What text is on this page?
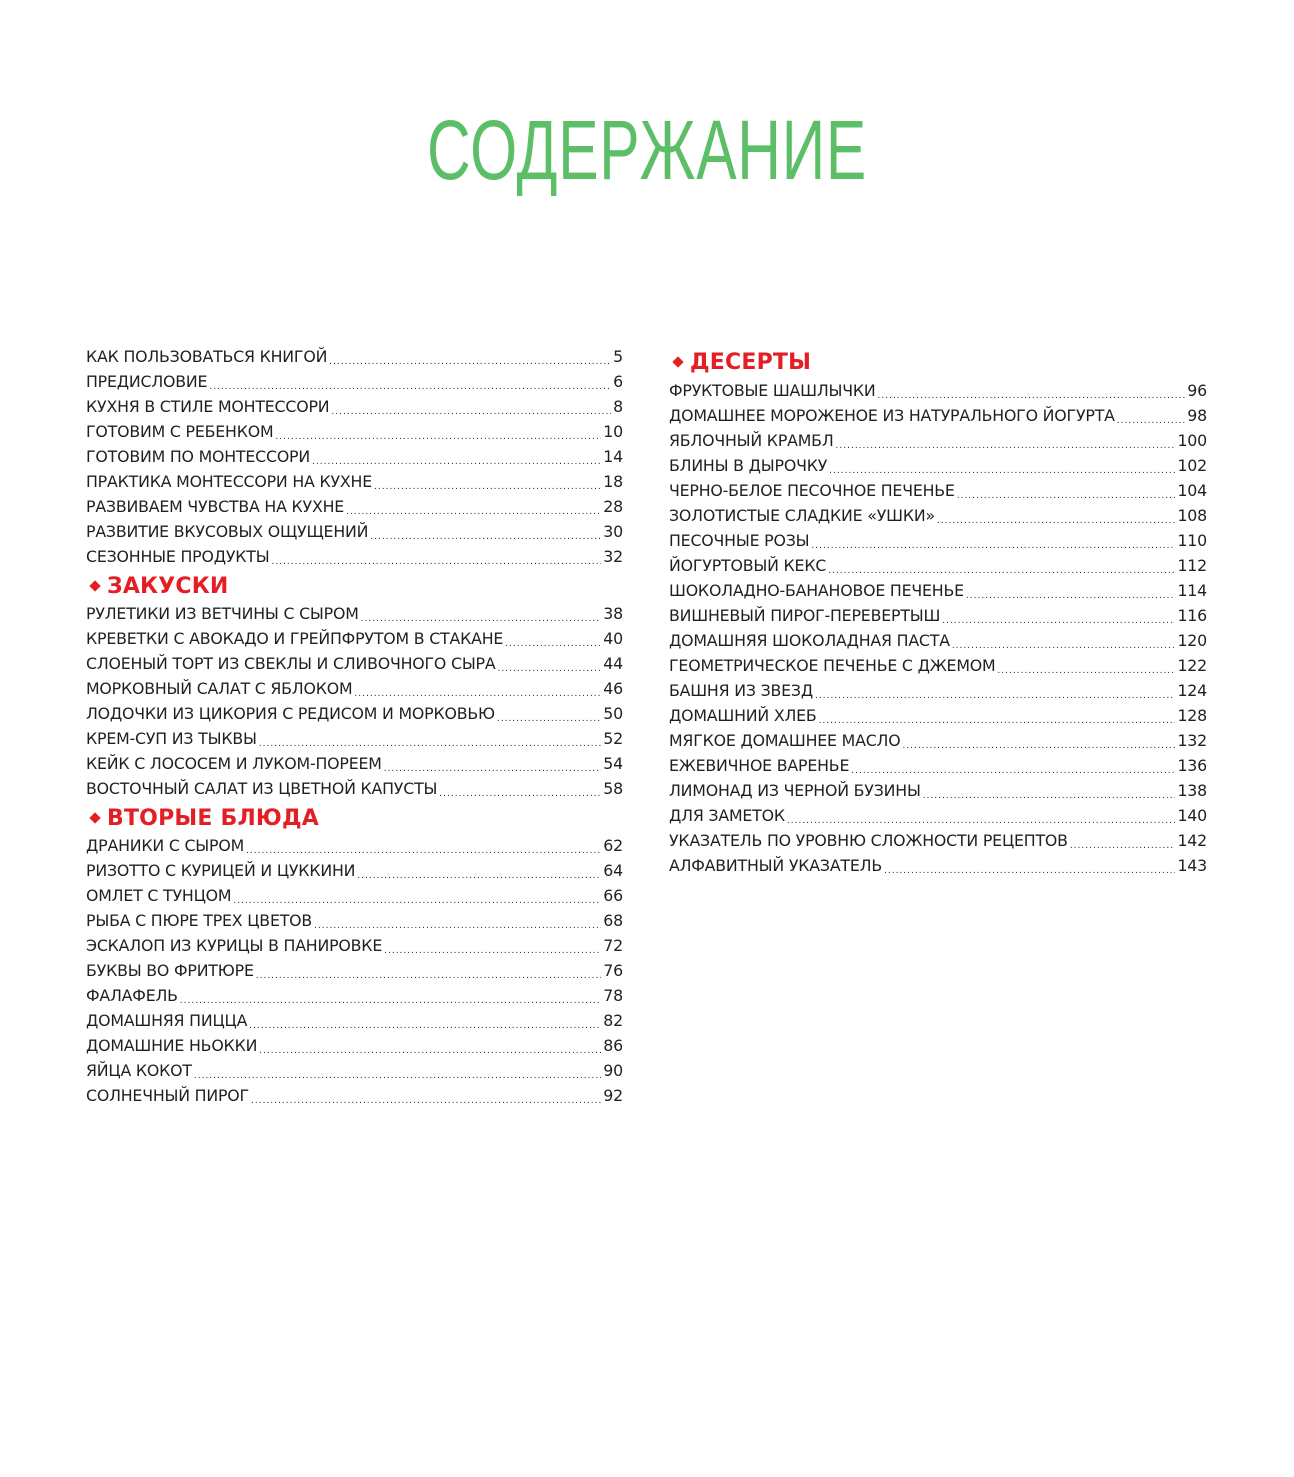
СОДЕРЖАНИЕ
КАК ПОЛЬЗОВАТЬСЯ КНИГОЙ .....	5
ПРЕДИСЛОВИЕ .....	6
КУХНЯ В СТИЛЕ МОНТЕССОРИ .....	8
ГОТОВИМ С РЕБЕНКОМ .....	10
ГОТОВИМ ПО МОНТЕССОРИ .....	14
ПРАКТИКА МОНТЕССОРИ НА КУХНЕ .....	18
РАЗВИВАЕМ ЧУВСТВА НА КУХНЕ .....	28
РАЗВИТИЕ ВКУСОВЫХ ОЩУЩЕНИЙ .....	30
СЕЗОННЫЕ ПРОДУКТЫ .....	32
ЗАКУСКИ
РУЛЕТИКИ ИЗ ВЕТЧИНЫ С СЫРОМ .....	38
КРЕВЕТКИ С АВОКАДО И ГРЕЙПФРУТОМ В СТАКАНЕ .....	40
СЛОЕНЫЙ ТОРТ ИЗ СВЕКЛЫ И СЛИВОЧНОГО СЫРА .....	44
МОРКОВНЫЙ САЛАТ С ЯБЛОКОМ .....	46
ЛОДОЧКИ ИЗ ЦИКОРИЯ С РЕДИСОМ И МОРКОВЬЮ .....	50
КРЕМ-СУП ИЗ ТЫКВЫ .....	52
КЕЙК С ЛОСОСЕМ И ЛУКОМ-ПОРЕЕМ .....	54
ВОСТОЧНЫЙ САЛАТ ИЗ ЦВЕТНОЙ КАПУСТЫ .....	58
ВТОРЫЕ БЛЮДА
ДРАНИКИ С СЫРОМ .....	62
РИЗОТТО С КУРИЦЕЙ И ЦУККИНИ .....	64
ОМЛЕТ С ТУНЦОМ .....	66
РЫБА С ПЮРЕ ТРЕХ ЦВЕТОВ .....	68
ЭСКАЛОП ИЗ КУРИЦЫ В ПАНИРОВКЕ .....	72
БУКВЫ ВО ФРИТЮРЕ .....	76
ФАЛАФЕЛЬ .....	78
ДОМАШНЯЯ ПИЦЦА .....	82
ДОМАШНИЕ НЬОККИ .....	86
ЯЙЦА КОКОТ .....	90
СОЛНЕЧНЫЙ ПИРОГ .....	92
ДЕСЕРТЫ
ФРУКТОВЫЕ ШАШЛЫЧКИ .....	96
ДОМАШНЕЕ МОРОЖЕНОЕ ИЗ НАТУРАЛЬНОГО ЙОГУРТА .....	98
ЯБЛОЧНЫЙ КРАМБЛ .....	100
БЛИНЫ В ДЫРОЧКУ .....	102
ЧЕРНО-БЕЛОЕ ПЕСОЧНОЕ ПЕЧЕНЬЕ .....	104
ЗОЛОТИСТЫЕ СЛАДКИЕ «УШКИ» .....	108
ПЕСОЧНЫЕ РОЗЫ .....	110
ЙОГУРТОВЫЙ КЕКС .....	112
ШОКОЛАДНО-БАНАНОВОЕ ПЕЧЕНЬЕ .....	114
ВИШНЕВЫЙ ПИРОГ-ПЕРЕВЕРТЫШ .....	116
ДОМАШНЯЯ ШОКОЛАДНАЯ ПАСТА .....	120
ГЕОМЕТРИЧЕСКОЕ ПЕЧЕНЬЕ С ДЖЕМОМ .....	122
БАШНЯ ИЗ ЗВЕЗД .....	124
ДОМАШНИЙ ХЛЕБ .....	128
МЯГКОЕ ДОМАШНЕЕ МАСЛО .....	132
ЕЖЕВИЧНОЕ ВАРЕНЬЕ .....	136
ЛИМОНАД ИЗ ЧЕРНОЙ БУЗИНЫ .....	138
ДЛЯ ЗАМЕТОК .....	140
УКАЗАТЕЛЬ ПО УРОВНЮ СЛОЖНОСТИ РЕЦЕПТОВ .....	142
АЛФАВИТНЫЙ УКАЗАТЕЛЬ .....	143
